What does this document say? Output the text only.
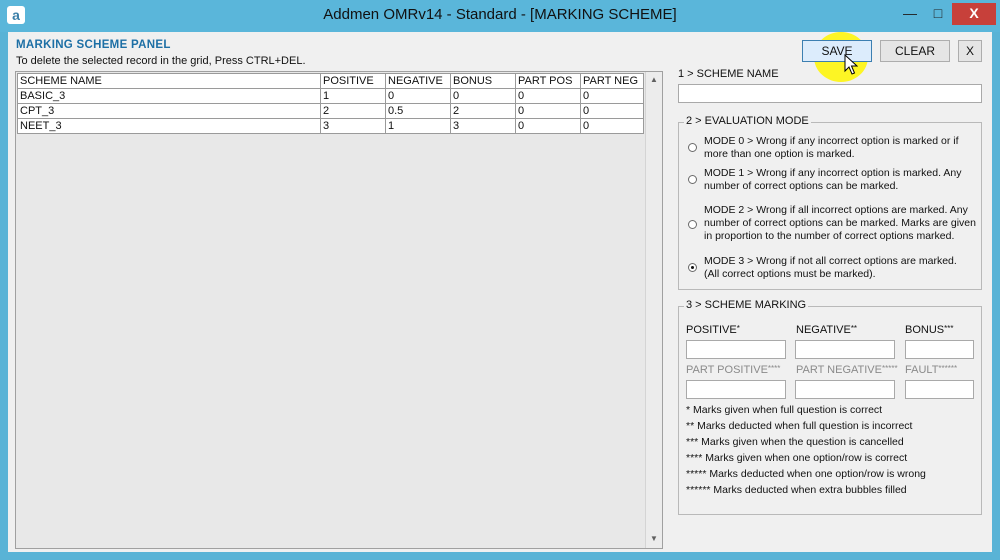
a	Addmen OMRv14 - Standard - [MARKING SCHEME]	—	□	X
MARKING SCHEME PANEL
To delete the selected record in the grid, Press CTRL+DEL.
SCHEME NAME	POSITIVE	NEGATIVE	BONUS	PART POS	PART NEG
BASIC_3	1	0	0	0	0
CPT_3	2	0.5	2	0	0
NEET_3	3	1	3	0	0
▲
▼
SAVE	CLEAR	X
1 > SCHEME NAME
2 > EVALUATION MODE
MODE 0 > Wrong if any incorrect option is marked or if
more than one option is marked.
MODE 1 > Wrong if any incorrect option is marked. Any
number of correct options can be marked.
MODE 2 > Wrong if all incorrect options are marked. Any
number of correct options can be marked. Marks are given
in proportion to the number of correct options marked.
MODE 3 > Wrong if not all correct options are marked.
(All correct options must be marked).
3 > SCHEME MARKING
POSITIVE*	NEGATIVE**	BONUS***
PART POSITIVE**** PART NEGATIVE***** FAULT******
* Marks given when full question is correct
** Marks deducted when full question is incorrect
*** Marks given when the question is cancelled
**** Marks given when one option/row is correct
***** Marks deducted when one option/row is wrong
****** Marks deducted when extra bubbles filled
